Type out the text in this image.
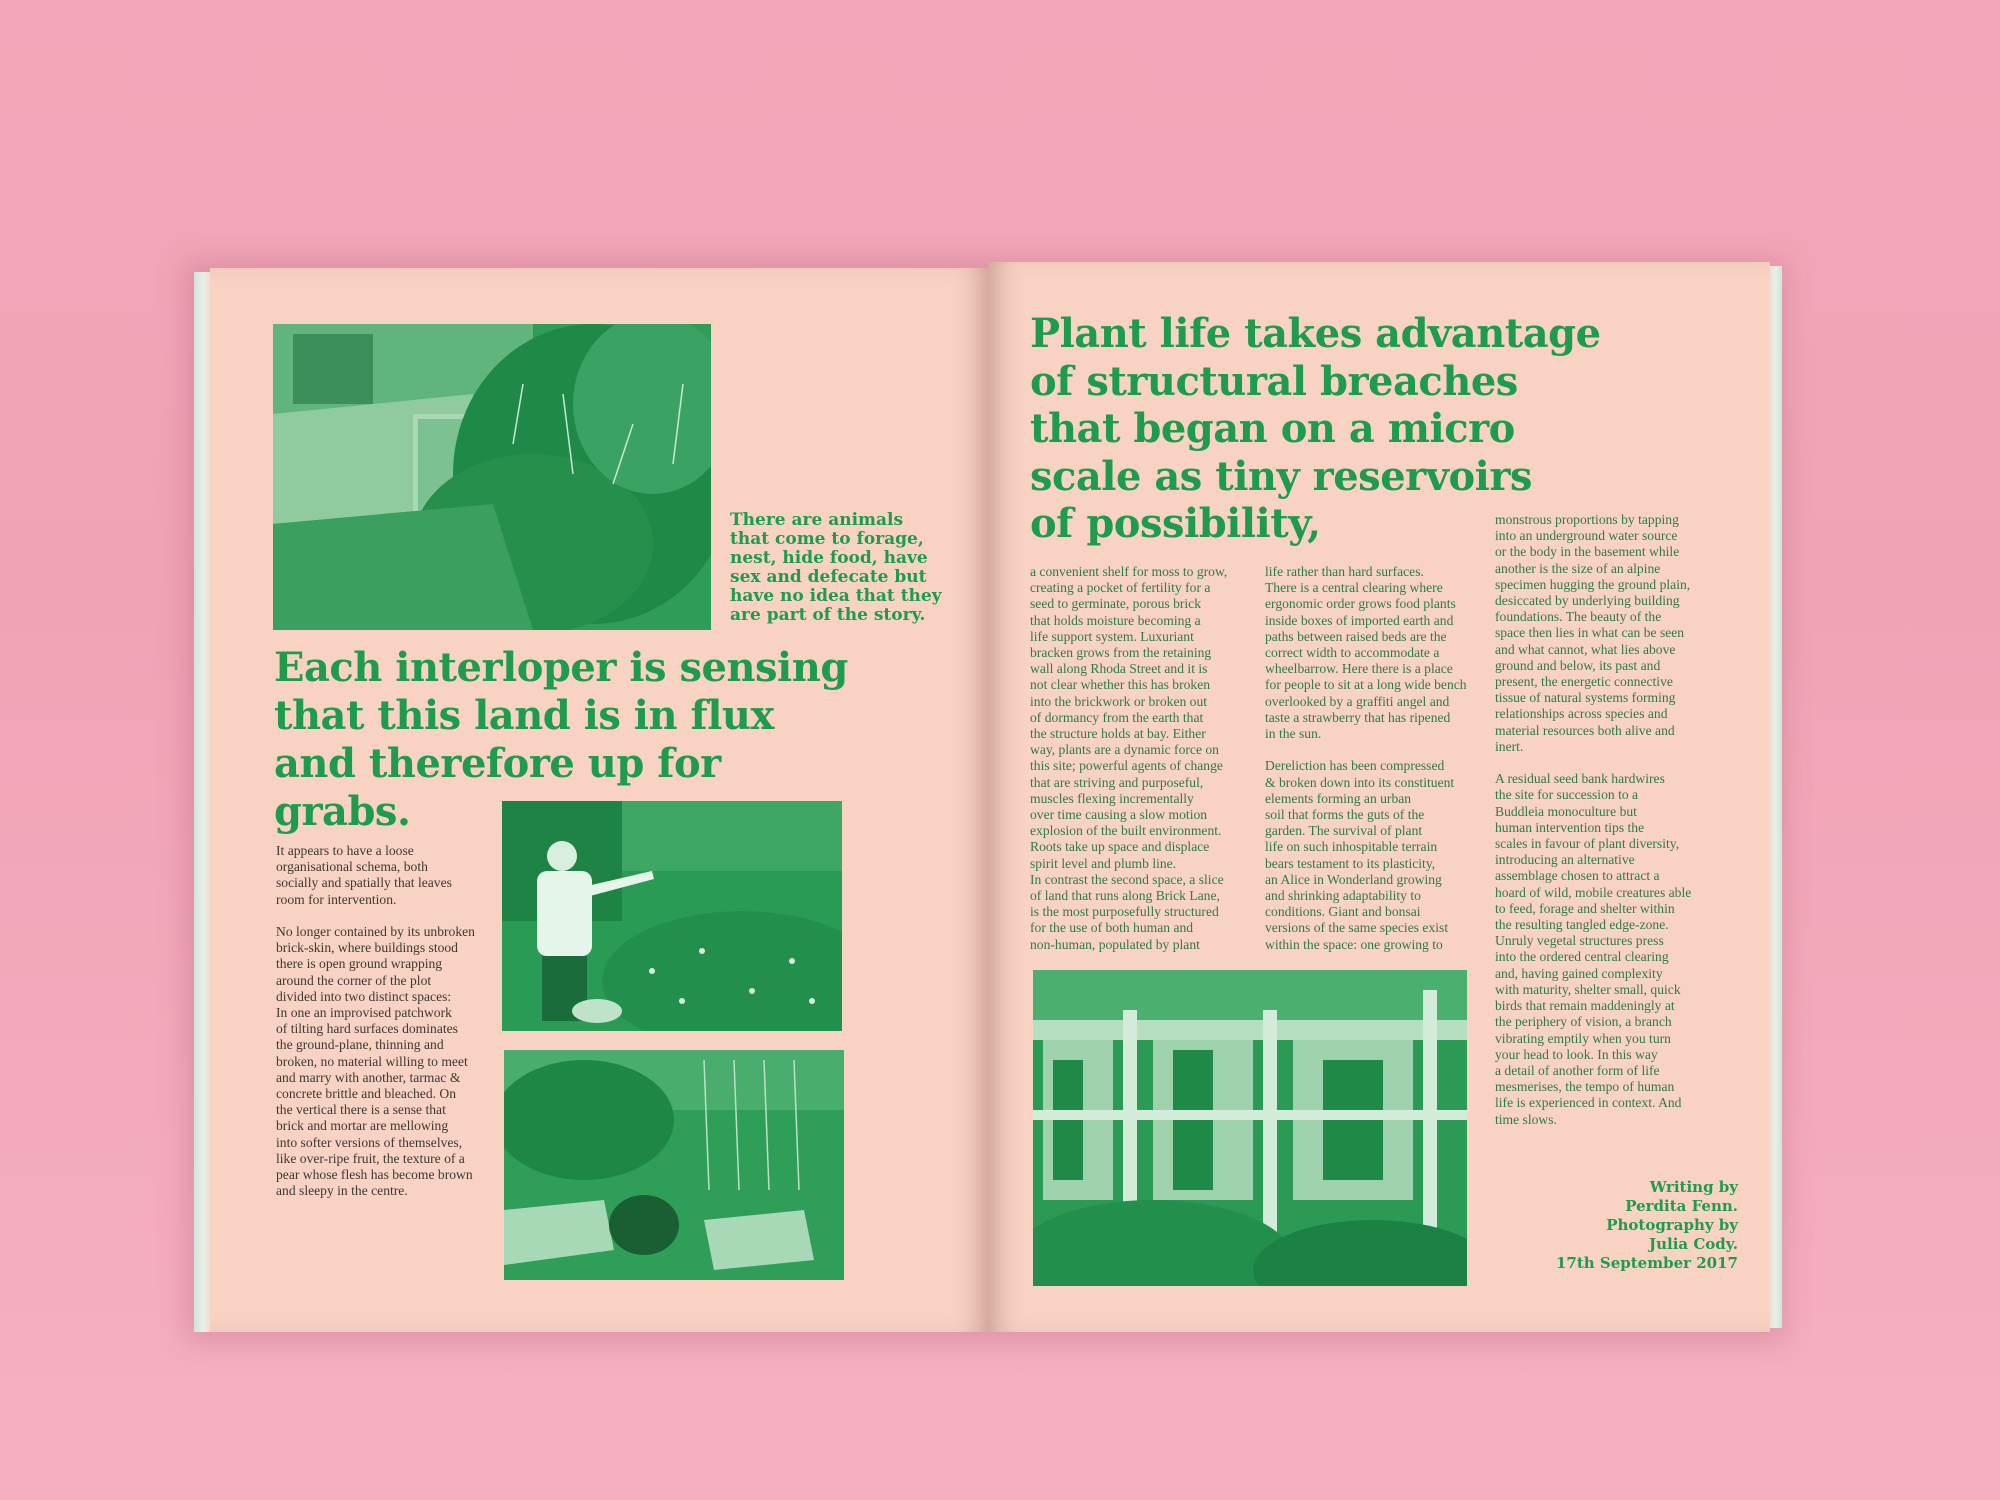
There are animals
that come to forage,
nest, hide food, have
sex and defecate but
have no idea that they
are part of the story.
Each interloper is sensing
that this land is in flux
and therefore up for
grabs.
It appears to have a loose
organisational schema, both
socially and spatially that leaves
room for intervention.

No longer contained by its unbroken
brick-skin, where buildings stood
there is open ground wrapping
around the corner of the plot
divided into two distinct spaces:
In one an improvised patchwork
of tilting hard surfaces dominates
the ground-plane, thinning and
broken, no material willing to meet
and marry with another, tarmac &
concrete brittle and bleached. On
the vertical there is a sense that
brick and mortar are mellowing
into softer versions of themselves,
like over-ripe fruit, the texture of a
pear whose flesh has become brown
and sleepy in the centre.
Plant life takes advantage
of structural breaches
that began on a micro
scale as tiny reservoirs
of possibility,
a convenient shelf for moss to grow,
creating a pocket of fertility for a
seed to germinate, porous brick
that holds moisture becoming a
life support system. Luxuriant
bracken grows from the retaining
wall along Rhoda Street and it is
not clear whether this has broken
into the brickwork or broken out
of dormancy from the earth that
the structure holds at bay. Either
way, plants are a dynamic force on
this site; powerful agents of change
that are striving and purposeful,
muscles flexing incrementally
over time causing a slow motion
explosion of the built environment.
Roots take up space and displace
spirit level and plumb line.
In contrast the second space, a slice
of land that runs along Brick Lane,
is the most purposefully structured
for the use of both human and
non-human, populated by plant
life rather than hard surfaces.
There is a central clearing where
ergonomic order grows food plants
inside boxes of imported earth and
paths between raised beds are the
correct width to accommodate a
wheelbarrow. Here there is a place
for people to sit at a long wide bench
overlooked by a graffiti angel and
taste a strawberry that has ripened
in the sun.

Dereliction has been compressed
& broken down into its constituent
elements forming an urban
soil that forms the guts of the
garden. The survival of plant
life on such inhospitable terrain
bears testament to its plasticity,
an Alice in Wonderland growing
and shrinking adaptability to
conditions. Giant and bonsai
versions of the same species exist
within the space: one growing to
monstrous proportions by tapping
into an underground water source
or the body in the basement while
another is the size of an alpine
specimen hugging the ground plain,
desiccated by underlying building
foundations. The beauty of the
space then lies in what can be seen
and what cannot, what lies above
ground and below, its past and
present, the energetic connective
tissue of natural systems forming
relationships across species and
material resources both alive and
inert.

A residual seed bank hardwires
the site for succession to a
Buddleia monoculture but
human intervention tips the
scales in favour of plant diversity,
introducing an alternative
assemblage chosen to attract a
hoard of wild, mobile creatures able
to feed, forage and shelter within
the resulting tangled edge-zone.
Unruly vegetal structures press
into the ordered central clearing
and, having gained complexity
with maturity, shelter small, quick
birds that remain maddeningly at
the periphery of vision, a branch
vibrating emptily when you turn
your head to look. In this way
a detail of another form of life
mesmerises, the tempo of human
life is experienced in context. And
time slows.
Writing by
Perdita Fenn.
Photography by
Julia Cody.
17th September 2017
